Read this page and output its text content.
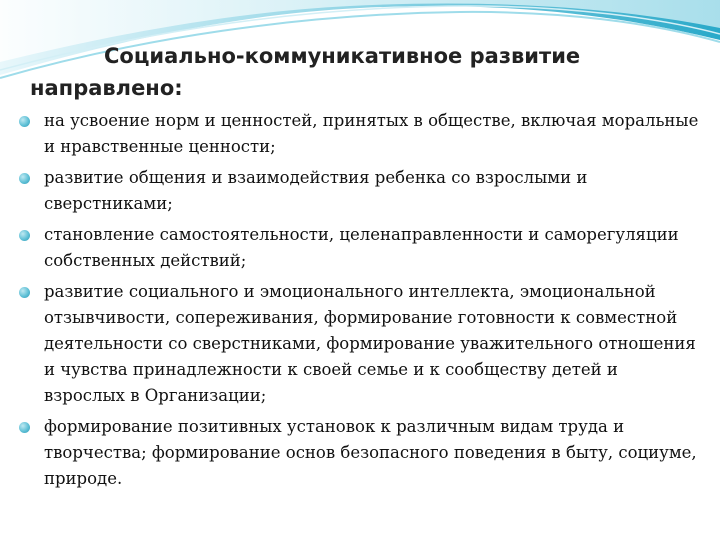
Социально-коммуникативное развитие
направлено:
на усвоение норм и ценностей, принятых в обществе, включая моральные и нравственные ценности;
развитие общения и взаимодействия ребенка со взрослыми и сверстниками;
становление самостоятельности, целенаправленности и саморегуляции собственных действий;
развитие социального и эмоционального интеллекта, эмоциональной отзывчивости, сопереживания, формирование готовности к совместной деятельности со сверстниками, формирование уважительного отношения и чувства принадлежности к своей семье и к сообществу детей и взрослых в Организации;
формирование позитивных установок к различным видам труда и творчества; формирование основ безопасного поведения в быту, социуме, природе.
